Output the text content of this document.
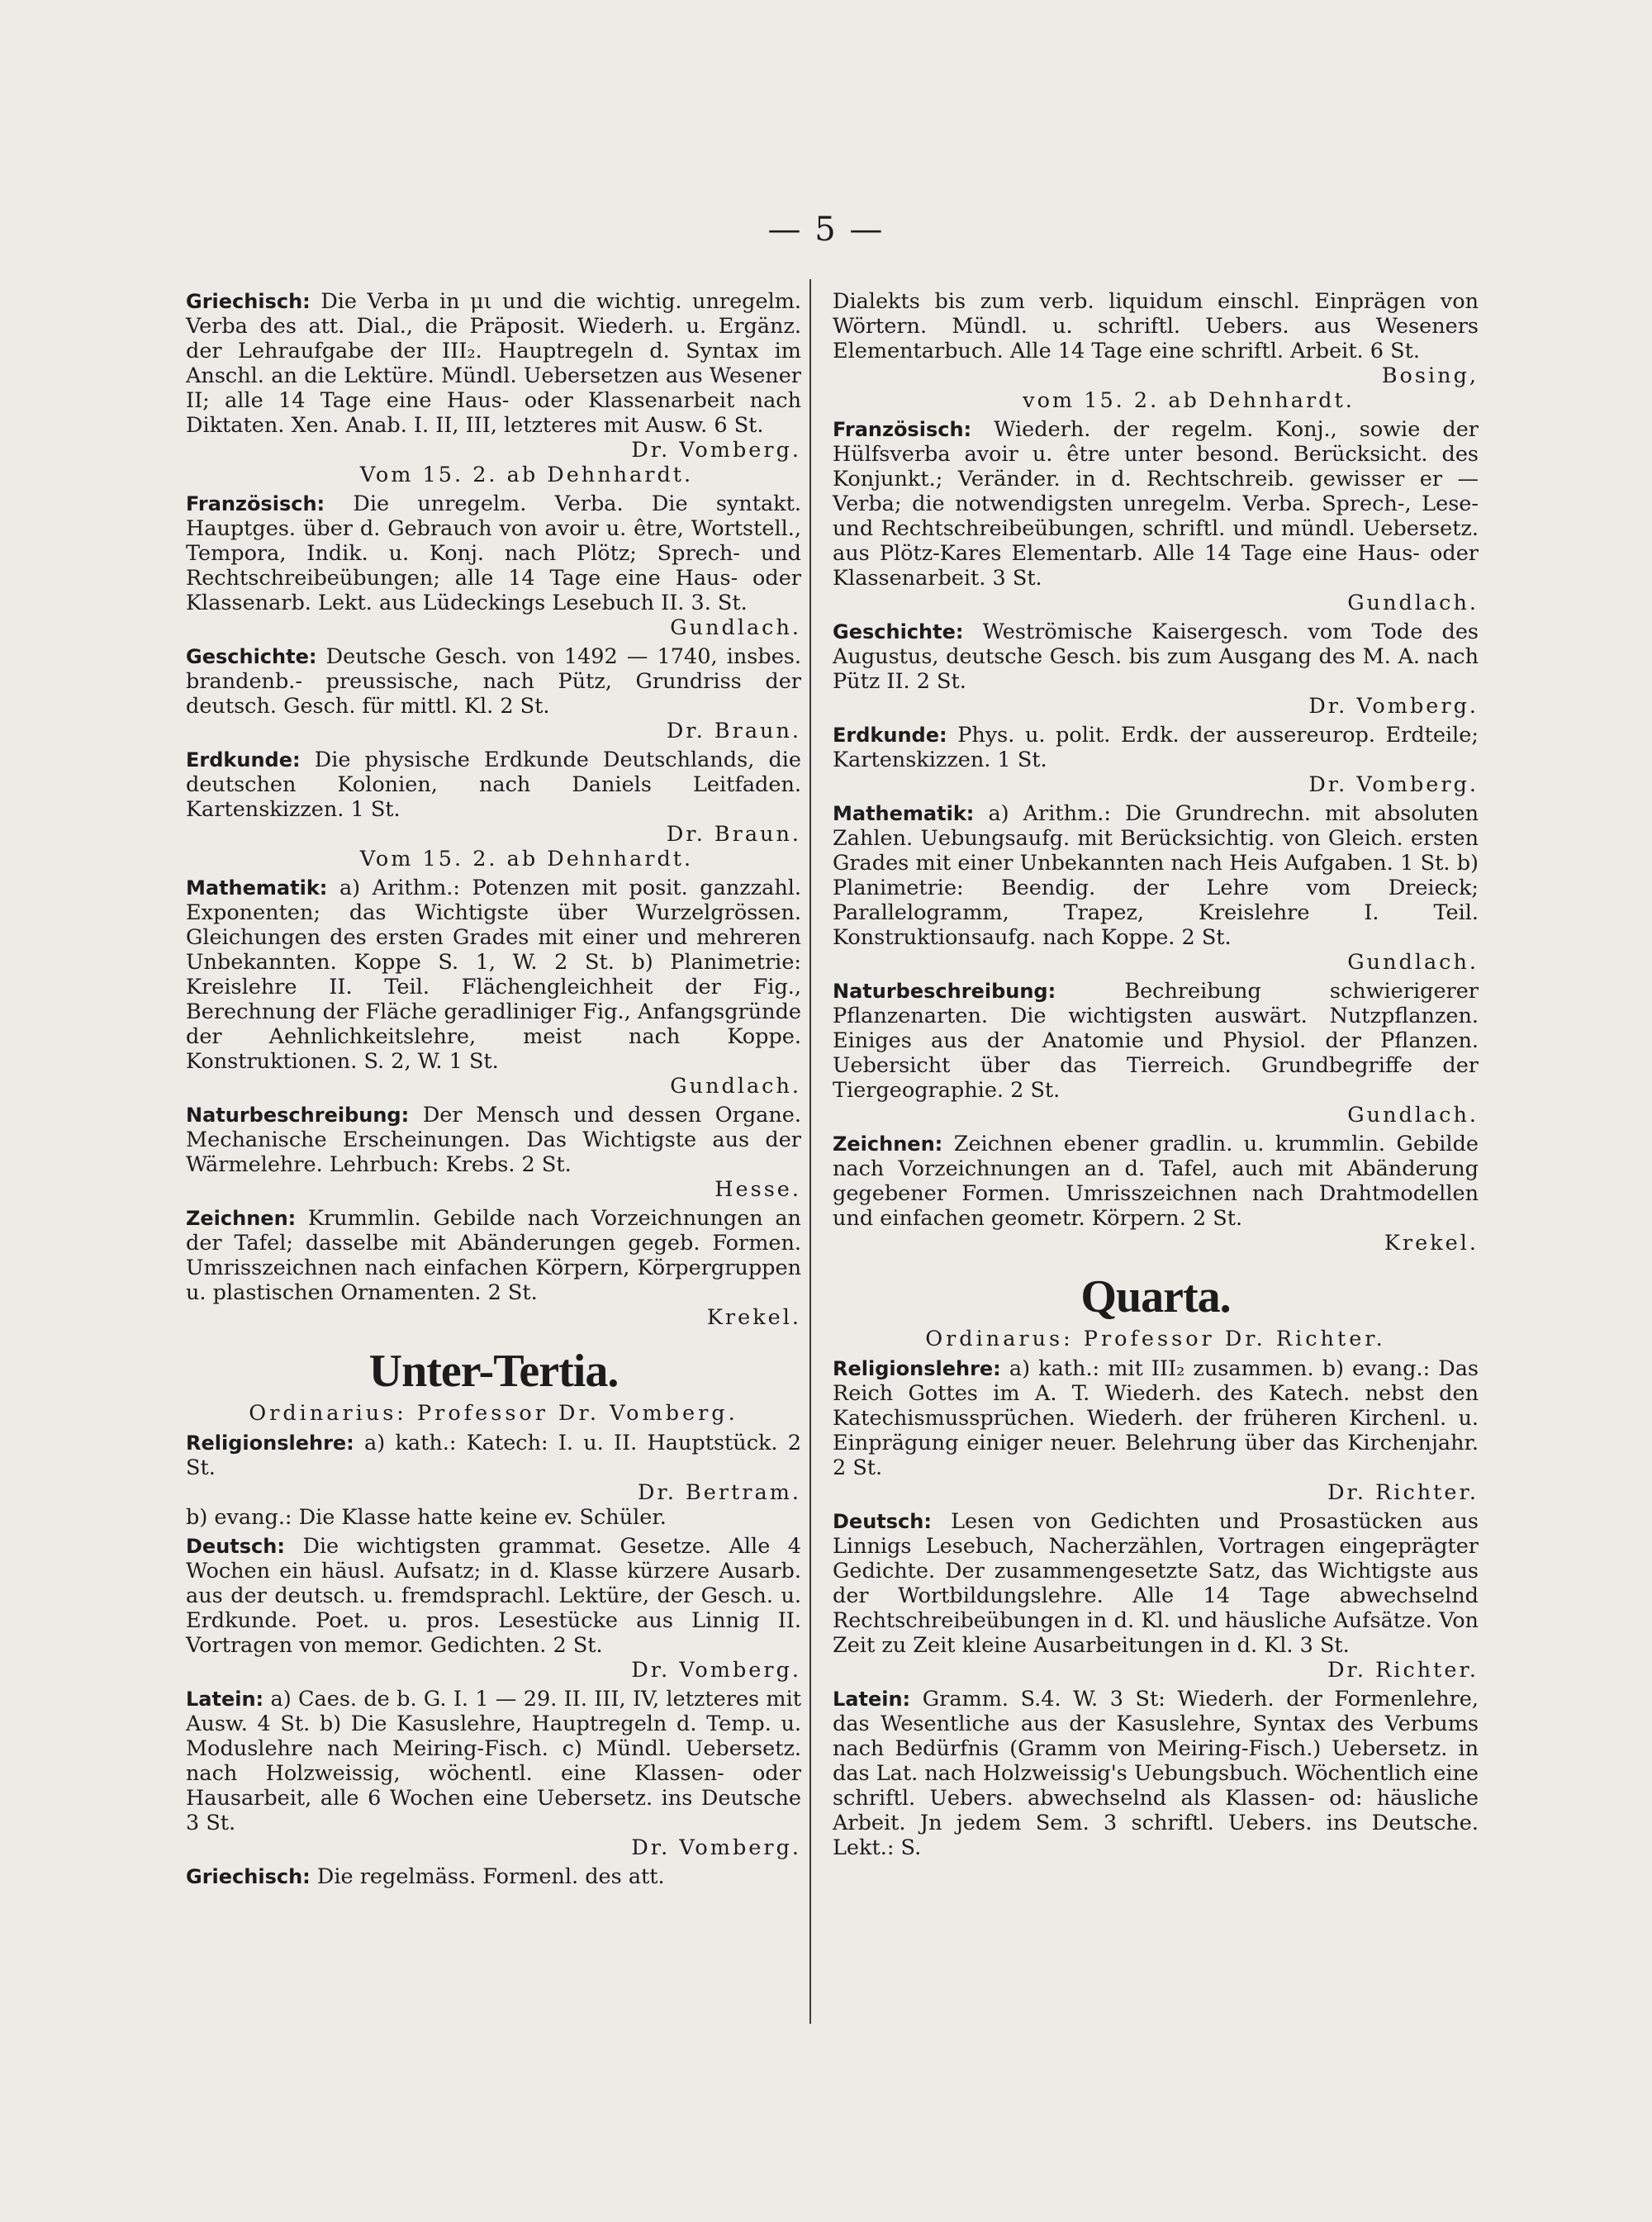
— 5 —

Griechisch: Die Verba in μι und die wichtig. unregelm. Verba des att. Dial., die Präposit. Wiederh. u. Ergänz. der Lehraufgabe der III₂. Hauptregeln d. Syntax im Anschl. an die Lektüre. Mündl. Uebersetzen aus Wesener II; alle 14 Tage eine Haus- oder Klassenarbeit nach Diktaten. Xen. Anab. I. II, III, letzteres mit Ausw. 6 St.
Dr. Vomberg.
Vom 15. 2. ab Dehnhardt.

Französisch: Die unregelm. Verba. Die syntakt. Hauptges. über d. Gebrauch von avoir u. être, Wortstell., Tempora, Indik. u. Konj. nach Plötz; Sprech- und Rechtschreibeübungen; alle 14 Tage eine Haus- oder Klassenarb. Lekt. aus Lüdeckings Lesebuch II. 3. St.
Gundlach.

Geschichte: Deutsche Gesch. von 1492 — 1740, insbes. brandenb.- preussische, nach Pütz, Grundriss der deutsch. Gesch. für mittl. Kl. 2 St.
Dr. Braun.

Erdkunde: Die physische Erdkunde Deutschlands, die deutschen Kolonien, nach Daniels Leitfaden. Kartenskizzen. 1 St.
Dr. Braun.
Vom 15. 2. ab Dehnhardt.

Mathematik: a) Arithm.: Potenzen mit posit. ganzzahl. Exponenten; das Wichtigste über Wurzelgrössen. Gleichungen des ersten Grades mit einer und mehreren Unbekannten. Koppe S. 1, W. 2 St. b) Planimetrie: Kreislehre II. Teil. Flächengleichheit der Fig., Berechnung der Fläche geradliniger Fig., Anfangsgründe der Aehnlichkeitslehre, meist nach Koppe. Konstruktionen. S. 2, W. 1 St.
Gundlach.

Naturbeschreibung: Der Mensch und dessen Organe. Mechanische Erscheinungen. Das Wichtigste aus der Wärmelehre. Lehrbuch: Krebs. 2 St.
Hesse.

Zeichnen: Krummlin. Gebilde nach Vorzeichnungen an der Tafel; dasselbe mit Abänderungen gegeb. Formen. Umrisszeichnen nach einfachen Körpern, Körpergruppen u. plastischen Ornamenten. 2 St.
Krekel.

Unter-Tertia.

Ordinarius: Professor Dr. Vomberg.

Religionslehre: a) kath.: Katech: I. u. II. Hauptstück. 2 St.
Dr. Bertram.
b) evang.: Die Klasse hatte keine ev. Schüler.

Deutsch: Die wichtigsten grammat. Gesetze. Alle 4 Wochen ein häusl. Aufsatz; in d. Klasse kürzere Ausarb. aus der deutsch. u. fremdsprachl. Lektüre, der Gesch. u. Erdkunde. Poet. u. pros. Lesestücke aus Linnig II. Vortragen von memor. Gedichten. 2 St.
Dr. Vomberg.

Latein: a) Caes. de b. G. I. 1 — 29. II. III, IV, letzteres mit Ausw. 4 St. b) Die Kasuslehre, Hauptregeln d. Temp. u. Moduslehre nach Meiring-Fisch. c) Mündl. Uebersetz. nach Holzweissig, wöchentl. eine Klassen- oder Hausarbeit, alle 6 Wochen eine Uebersetz. ins Deutsche 3 St.
Dr. Vomberg.

Griechisch: Die regelmäss. Formenl. des att.

Dialekts bis zum verb. liquidum einschl. Einprägen von Wörtern. Mündl. u. schriftl. Uebers. aus Weseners Elementarbuch. Alle 14 Tage eine schriftl. Arbeit. 6 St.
Bosing,
vom 15. 2. ab Dehnhardt.

Französisch: Wiederh. der regelm. Konj., sowie der Hülfsverba avoir u. être unter besond. Berücksicht. des Konjunkt.; Veränder. in d. Rechtschreib. gewisser er — Verba; die notwendigsten unregelm. Verba. Sprech-, Lese- und Rechtschreibeübungen, schriftl. und mündl. Uebersetz. aus Plötz-Kares Elementarb. Alle 14 Tage eine Haus- oder Klassenarbeit. 3 St.
Gundlach.

Geschichte: Weströmische Kaisergesch. vom Tode des Augustus, deutsche Gesch. bis zum Ausgang des M. A. nach Pütz II. 2 St.
Dr. Vomberg.

Erdkunde: Phys. u. polit. Erdk. der aussereurop. Erdteile; Kartenskizzen. 1 St.
Dr. Vomberg.

Mathematik: a) Arithm.: Die Grundrechn. mit absoluten Zahlen. Uebungsaufg. mit Berücksichtig. von Gleich. ersten Grades mit einer Unbekannten nach Heis Aufgaben. 1 St. b) Planimetrie: Beendig. der Lehre vom Dreieck; Parallelogramm, Trapez, Kreislehre I. Teil. Konstruktionsaufg. nach Koppe. 2 St.
Gundlach.

Naturbeschreibung:	Bechreibung schwierigerer Pflanzenarten. Die wichtigsten auswärt. Nutzpflanzen. Einiges aus der Anatomie und Physiol. der Pflanzen. Uebersicht über das Tierreich. Grundbegriffe der Tiergeographie. 2 St.
Gundlach.

Zeichnen: Zeichnen ebener gradlin. u. krummlin. Gebilde nach Vorzeichnungen an d. Tafel, auch mit Abänderung gegebener Formen. Umrisszeichnen nach Drahtmodellen und einfachen geometr. Körpern. 2 St.
Krekel.

Quarta.

Ordinarus: Professor Dr. Richter.

Religionslehre: a) kath.: mit III₂ zusammen. b) evang.: Das Reich Gottes im A. T. Wiederh. des Katech. nebst den Katechismussprüchen. Wiederh. der früheren Kirchenl. u. Einprägung einiger neuer. Belehrung über das Kirchenjahr. 2 St.
Dr. Richter.

Deutsch: Lesen von Gedichten und Prosastücken aus Linnigs Lesebuch, Nacherzählen, Vortragen eingeprägter Gedichte. Der zusammengesetzte Satz, das Wichtigste aus der Wortbildungslehre. Alle 14 Tage abwechselnd Rechtschreibeübungen in d. Kl. und häusliche Aufsätze. Von Zeit zu Zeit kleine Ausarbeitungen in d. Kl. 3 St.
Dr. Richter.

Latein: Gramm. S.4. W. 3 St: Wiederh. der Formenlehre, das Wesentliche aus der Kasuslehre, Syntax des Verbums nach Bedürfnis (Gramm von Meiring-Fisch.) Uebersetz. in das Lat. nach Holzweissig's Uebungsbuch. Wöchentlich eine schriftl. Uebers. abwechselnd als Klassen- od: häusliche Arbeit. Jn jedem Sem. 3 schriftl. Uebers. ins Deutsche. Lekt.: S.
